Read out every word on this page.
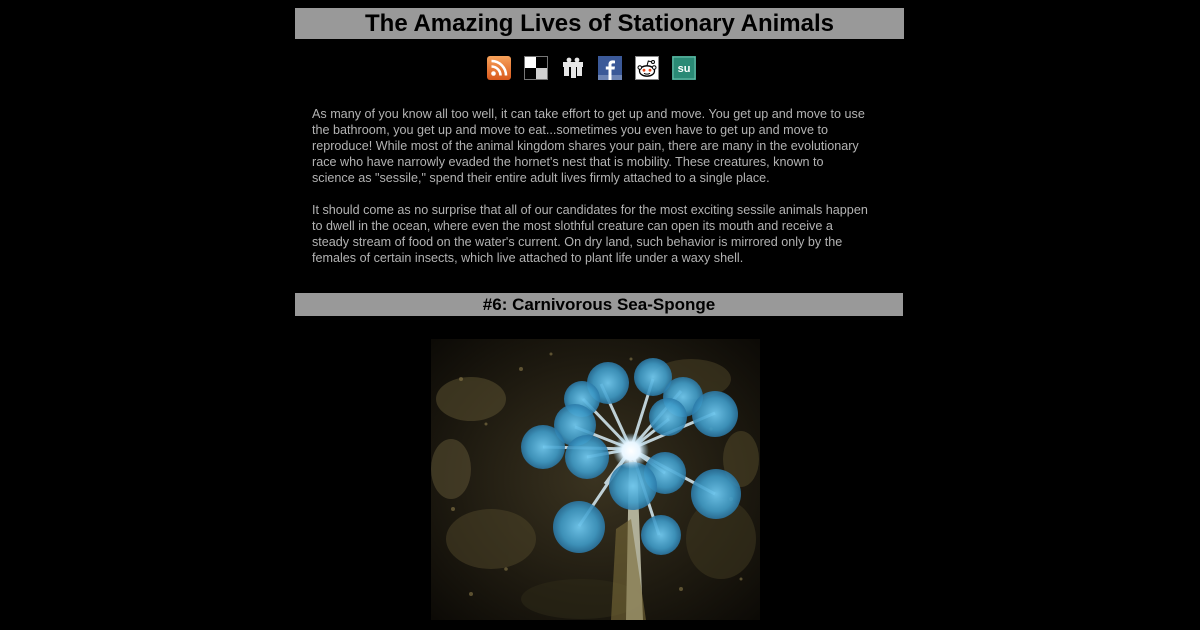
The Amazing Lives of Stationary Animals
su

As many of you know all too well, it can take effort to get up and move. You get up and move to use the bathroom, you get up and move to eat...sometimes you even have to get up and move to reproduce! While most of the animal kingdom shares your pain, there are many in the evolutionary race who have narrowly evaded the hornet's nest that is mobility. These creatures, known to science as "sessile," spend their entire adult lives firmly attached to a single place.

It should come as no surprise that all of our candidates for the most exciting sessile animals happen to dwell in the ocean, where even the most slothful creature can open its mouth and receive a steady stream of food on the water's current. On dry land, such behavior is mirrored only by the females of certain insects, which live attached to plant life under a waxy shell.

#6: Carnivorous Sea-Sponge
